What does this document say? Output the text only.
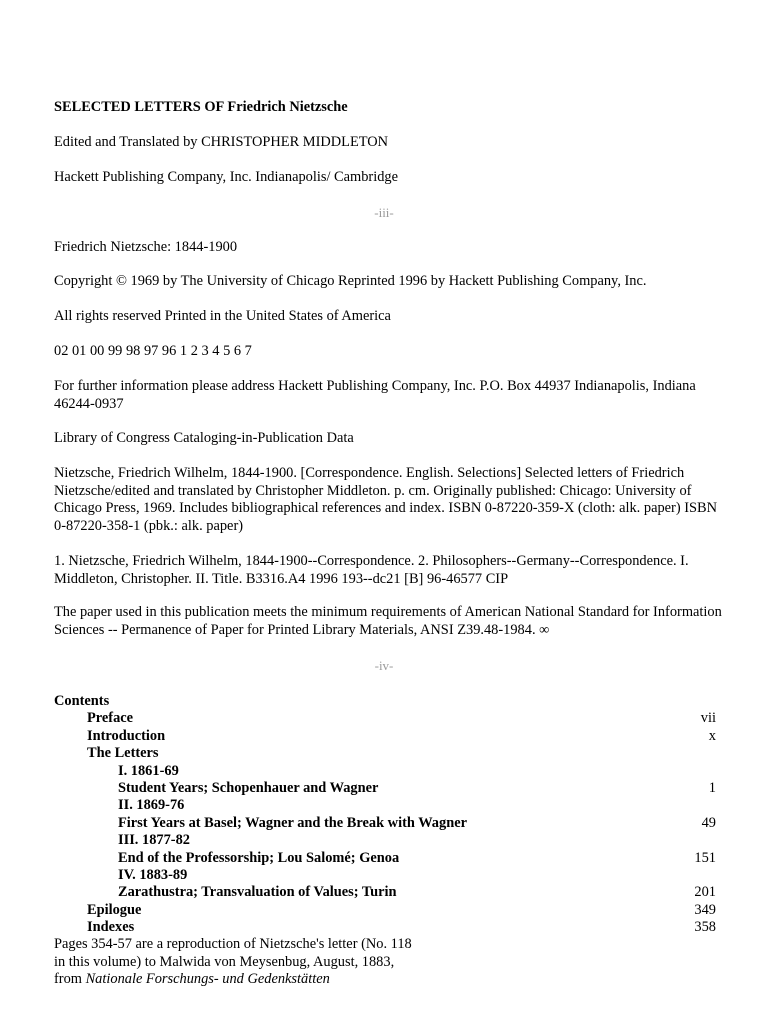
SELECTED LETTERS OF Friedrich Nietzsche

Edited and Translated by CHRISTOPHER MIDDLETON

Hackett Publishing Company, Inc. Indianapolis/ Cambridge

-iii-

Friedrich Nietzsche: 1844-1900

Copyright © 1969 by The University of Chicago Reprinted 1996 by Hackett Publishing Company, Inc.

All rights reserved Printed in the United States of America

02 01 00 99 98 97 96 1 2 3 4 5 6 7

For further information please address Hackett Publishing Company, Inc. P.O. Box 44937 Indianapolis, Indiana 46244-0937

Library of Congress Cataloging-in-Publication Data

Nietzsche, Friedrich Wilhelm, 1844-1900. [Correspondence. English. Selections] Selected letters of Friedrich Nietzsche/edited and translated by Christopher Middleton. p. cm. Originally published: Chicago: University of Chicago Press, 1969. Includes bibliographical references and index. ISBN 0-87220-359-X (cloth: alk. paper) ISBN 0-87220-358-1 (pbk.: alk. paper)

1. Nietzsche, Friedrich Wilhelm, 1844-1900--Correspondence. 2. Philosophers--Germany--Correspondence. I. Middleton, Christopher. II. Title. B3316.A4 1996 193--dc21 [B] 96-46577 CIP

The paper used in this publication meets the minimum requirements of American National Standard for Information Sciences -- Permanence of Paper for Printed Library Materials, ANSI Z39.48-1984. ∞

-iv-
Contents
Preface	vii
Introduction	x
The Letters
I. 1861-69
Student Years; Schopenhauer and Wagner	1
II. 1869-76
First Years at Basel; Wagner and the Break with Wagner	49
III. 1877-82
End of the Professorship; Lou Salomé; Genoa	151
IV. 1883-89
Zarathustra; Transvaluation of Values; Turin	201
Epilogue	349
Indexes	358
Pages 354-57 are a reproduction of Nietzsche's letter (No. 118
in this volume) to Malwida von Meysenbug, August, 1883,
from Nationale Forschungs- und Gedenkstätten
